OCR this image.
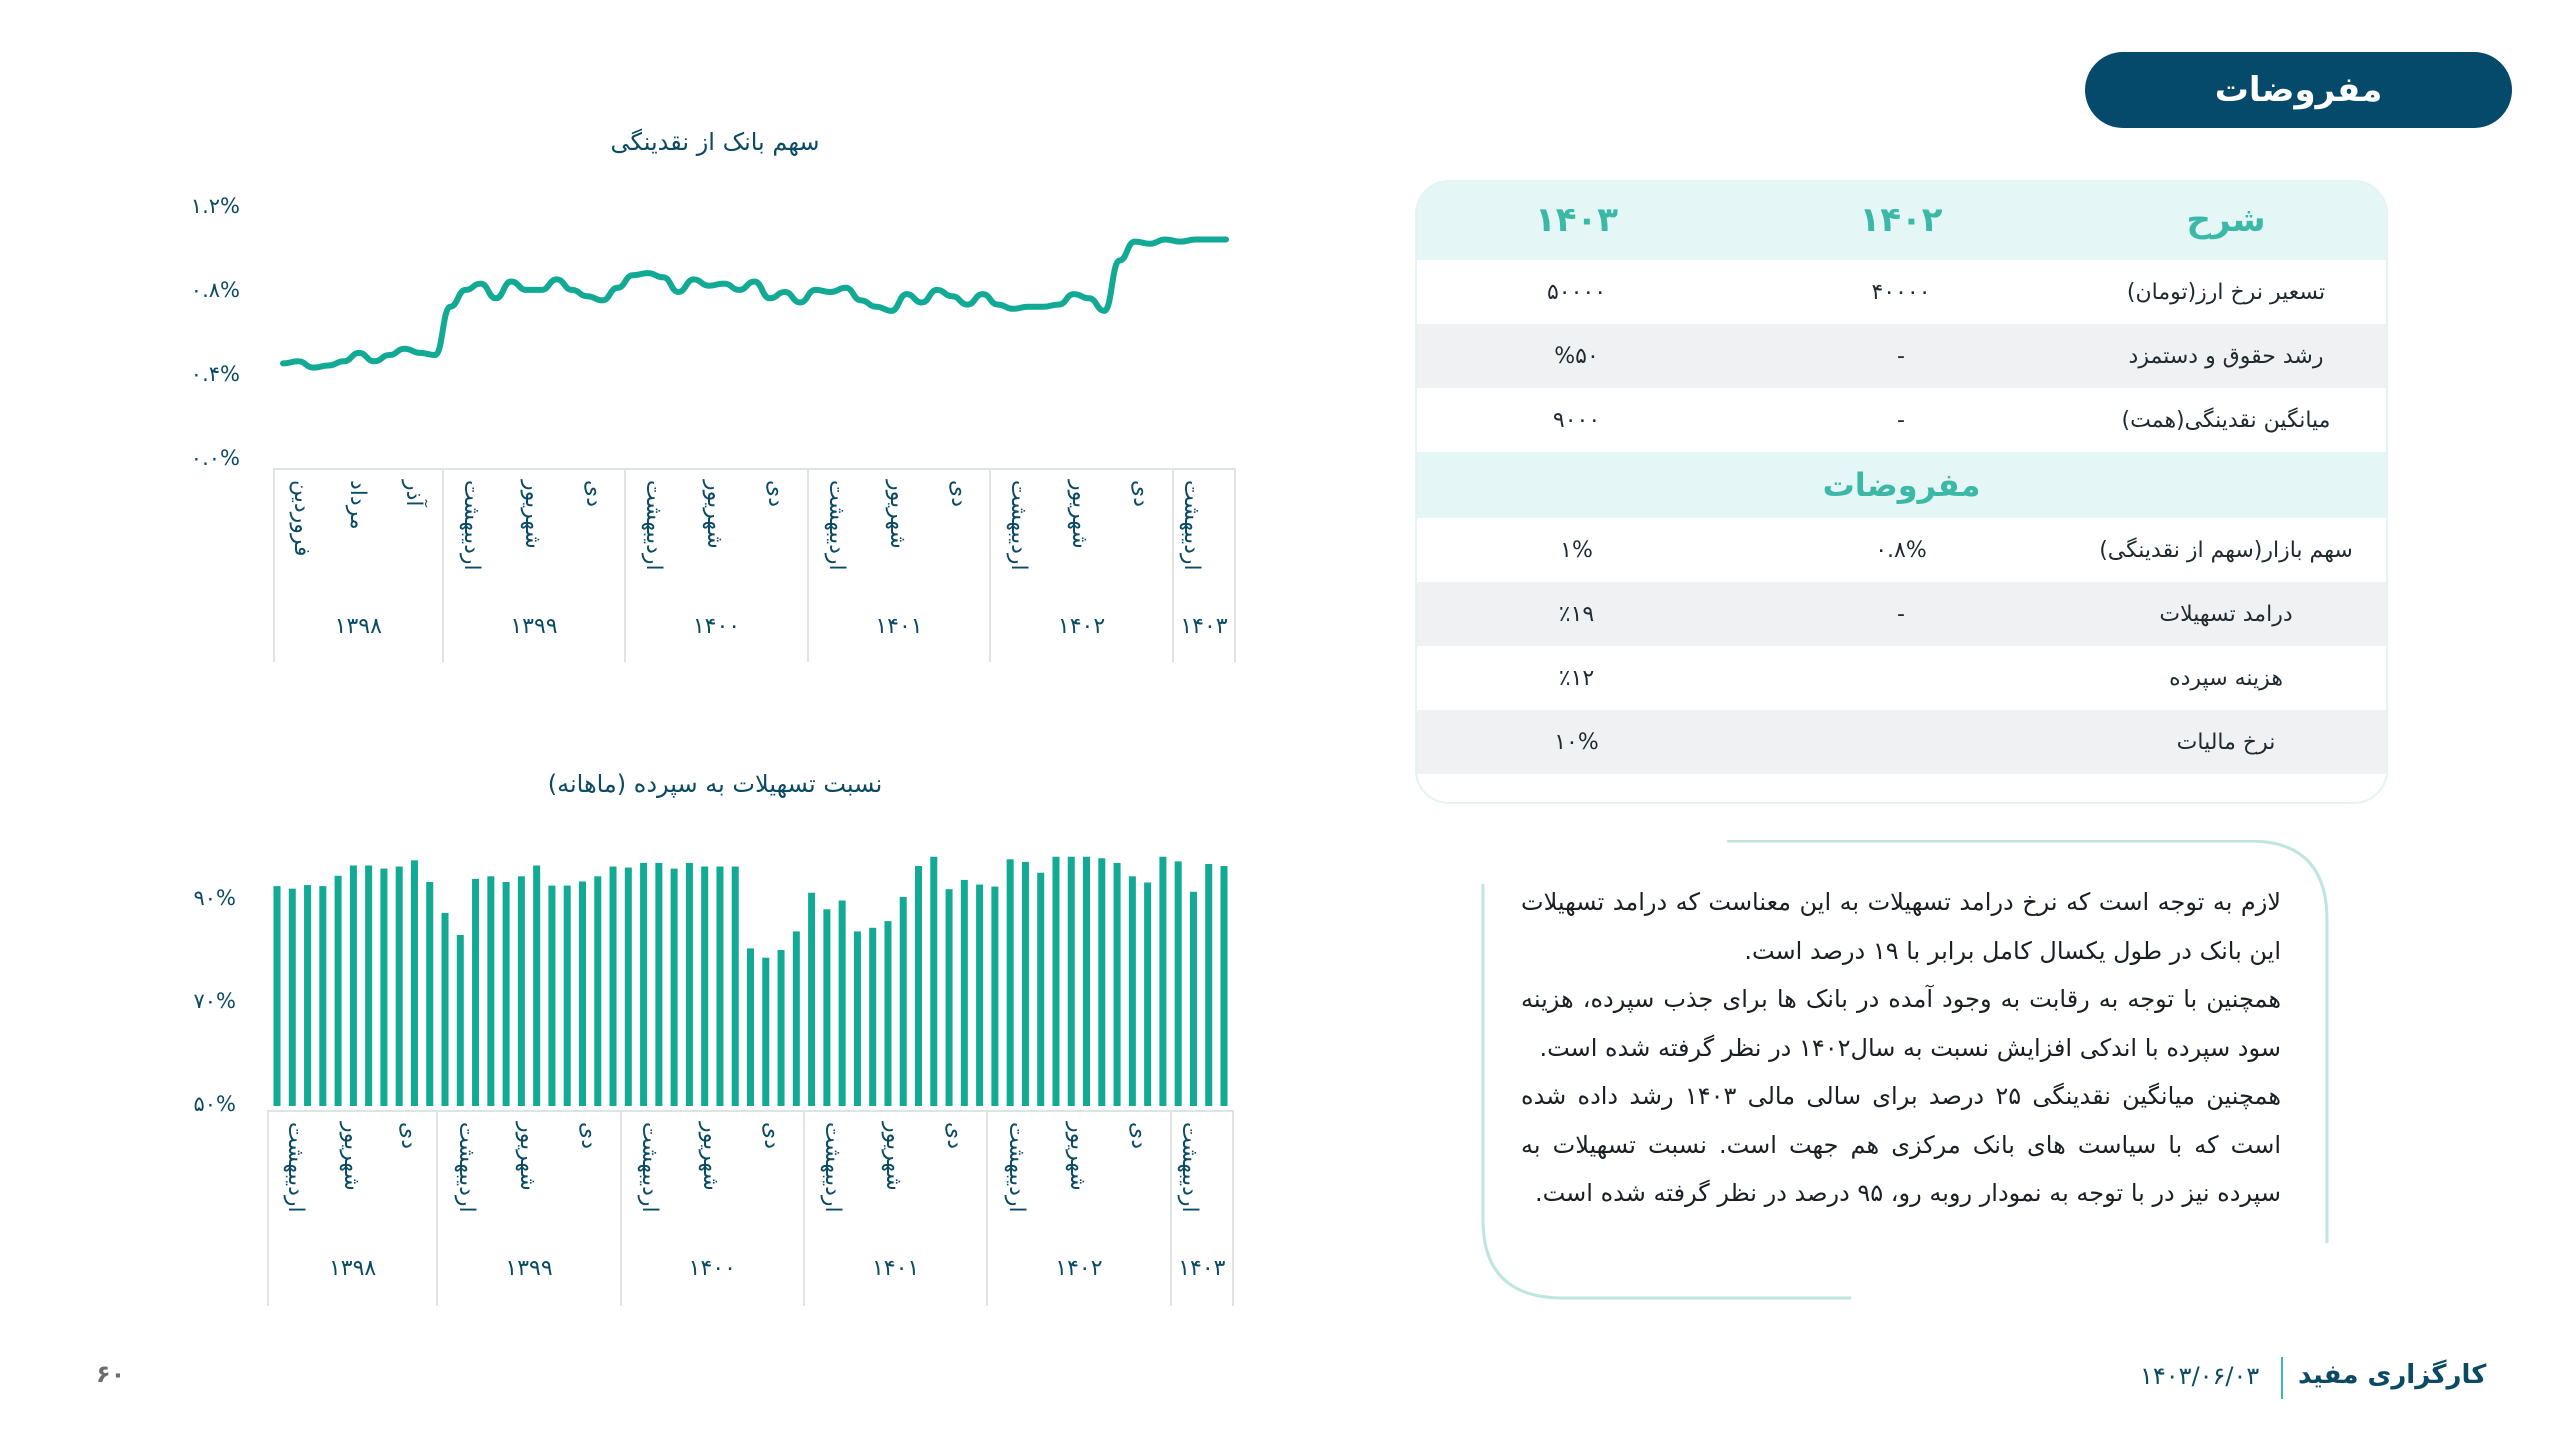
مفروضات
شرح
۱۴۰۲
۱۴۰۳
تسعیر نرخ ارز(تومان)
۴۰۰۰۰
۵۰۰۰۰
رشد حقوق و دستمزد
-
%۵۰
میانگین نقدینگی(همت)
-
۹۰۰۰
مفروضات
سهم بازار(سهم از نقدینگی)
۰.۸%
۱%
درامد تسهیلات
-
٪۱۹
هزینه سپرده
٪۱۲
نرخ مالیات
۱۰%

لازم به توجه است که نرخ درامد تسهیلات به این معناست که درامد تسهیلات این بانک در طول یکسال کامل برابر با ۱۹ درصد است.

همچنین با توجه به رقابت به وجود آمده در بانک ها برای جذب سپرده، هزینه سود سپرده با اندکی افزایش نسبت به سال۱۴۰۲ در نظر گرفته شده است.

همچنین میانگین نقدینگی ۲۵ درصد برای سالی مالی ۱۴۰۳ رشد داده شده است که با سیاست های بانک مرکزی هم جهت است. نسبت تسهیلات به سپرده نیز در با توجه به نمودار روبه رو، ۹۵ درصد در نظر گرفته شده است.

سهم بانک از نقدینگی
۰.۰%
۰.۴%
۰.۸%
۱.۲%
۱۳۹۸
فروردین مرداد آذر
۱۳۹۹
اردیبهشت شهریور دی
۱۴۰۰
اردیبهشت شهریور دی
۱۴۰۱
اردیبهشت شهریور دی
۱۴۰۲
اردیبهشت شهریور دی
۱۴۰۳
اردیبهشت
نسبت تسهیلات به سپرده (ماهانه)
۵۰%
۷۰%
۹۰%
۱۳۹۸
اردیبهشت شهریور دی
۱۳۹۹
اردیبهشت شهریور دی
۱۴۰۰
اردیبهشت شهریور دی
۱۴۰۱
اردیبهشت شهریور دی
۱۴۰۲
اردیبهشت شهریور دی
۱۴۰۳
اردیبهشت
کارگزاری مفید
۱۴۰۳/۰۶/۰۳
۶۰
